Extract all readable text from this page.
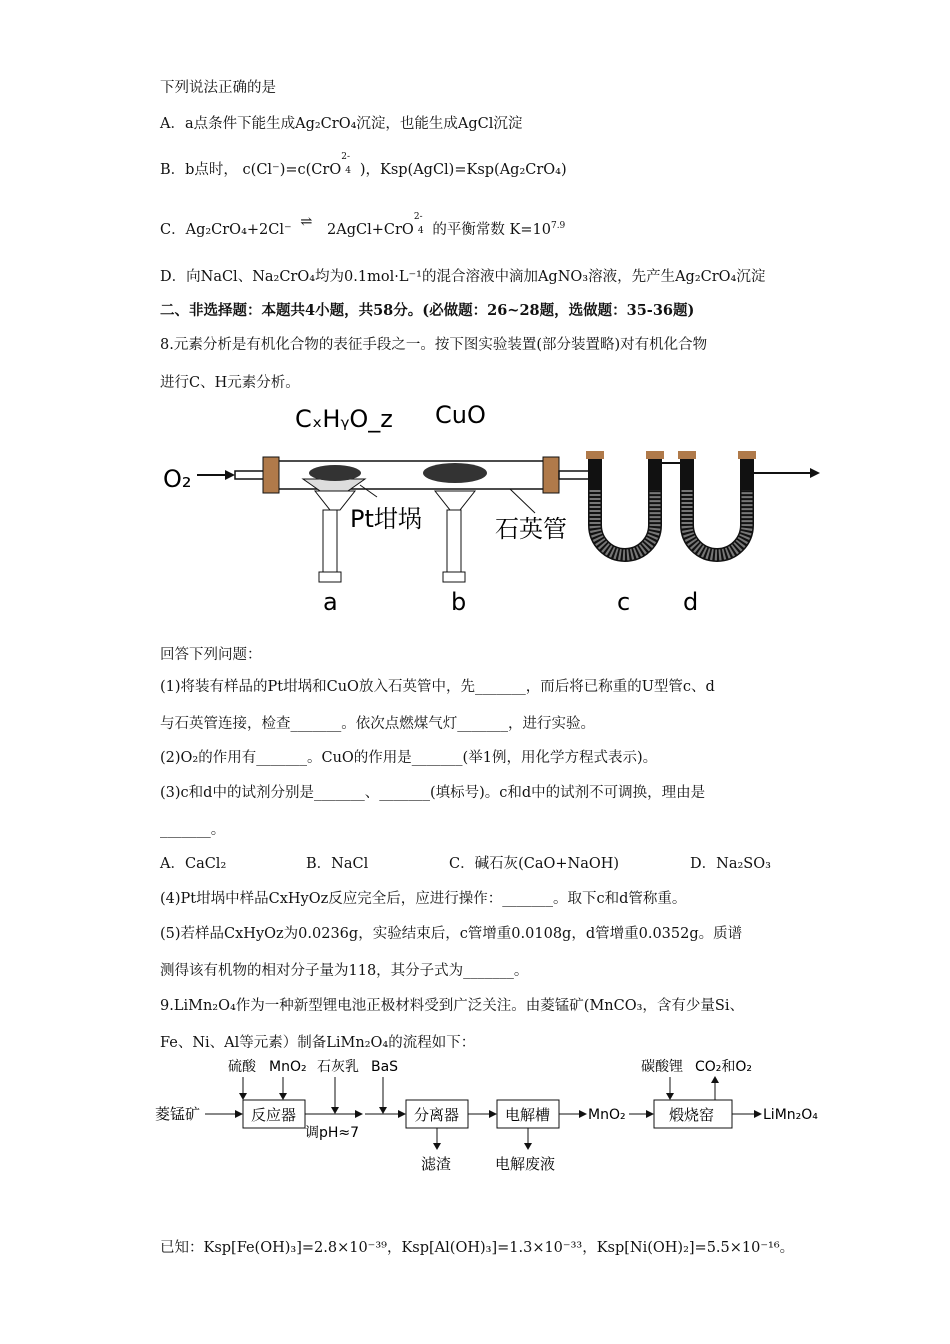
下列说法正确的是
A．a点条件下能生成Ag₂CrO₄沉淀，也能生成AgCl沉淀
B．b点时， c(Cl⁻)=c(CrO
2-
4 )，Ksp(AgCl)=Ksp(Ag₂CrO₄)
C．Ag₂CrO₄+2Cl⁻ ⇌ 2AgCl+CrO
2-
4 的平衡常数 $K=10^{7.9}$
D．向NaCl、Na₂CrO₄均为0.1mol·L⁻¹的混合溶液中滴加AgNO₃溶液，先产生Ag₂CrO₄沉淀
二、非选择题：本题共4小题，共58分。(必做题：26~28题，选做题：35-36题)
8.元素分析是有机化合物的表征手段之一。按下图实验装置(部分装置略)对有机化合物
进行C、H元素分析。
O₂
CₓHᵧO_z CuO
Pt坩埚	石英管
a	b	c d
回答下列问题：
(1)将装有样品的Pt坩埚和CuO放入石英管中，先_______，而后将已称重的U型管c、d
与石英管连接，检查_______。依次点燃煤气灯_______，进行实验。
(2)O₂的作用有_______。CuO的作用是_______(举1例，用化学方程式表示)。
(3)c和d中的试剂分别是_______、_______(填标号)。c和d中的试剂不可调换，理由是
_______。
A．CaCl₂	B．NaCl	C．碱石灰(CaO+NaOH)	D．Na₂SO₃
(4)Pt坩埚中样品CxHyOz反应完全后，应进行操作：_______。取下c和d管称重。
(5)若样品CxHyOz为0.0236g，实验结束后，c管增重0.0108g，d管增重0.0352g。质谱
测得该有机物的相对分子量为118，其分子式为_______。
9.LiMn₂O₄作为一种新型锂电池正极材料受到广泛关注。由菱锰矿(MnCO₃，含有少量Si、
Fe、Ni、Al等元素）制备LiMn₂O₄的流程如下：
菱锰矿	反应器
硫酸 MnO₂ 石灰乳 BaS
调pH≈7
分离器
滤渣
电解槽
电解废液
MnO₂	煅烧窑
碳酸锂 CO₂和O₂
LiMn₂O₄
已知：Ksp[Fe(OH)₃]=2.8×10⁻³⁹，Ksp[Al(OH)₃]=1.3×10⁻³³，Ksp[Ni(OH)₂]=5.5×10⁻¹⁶。
